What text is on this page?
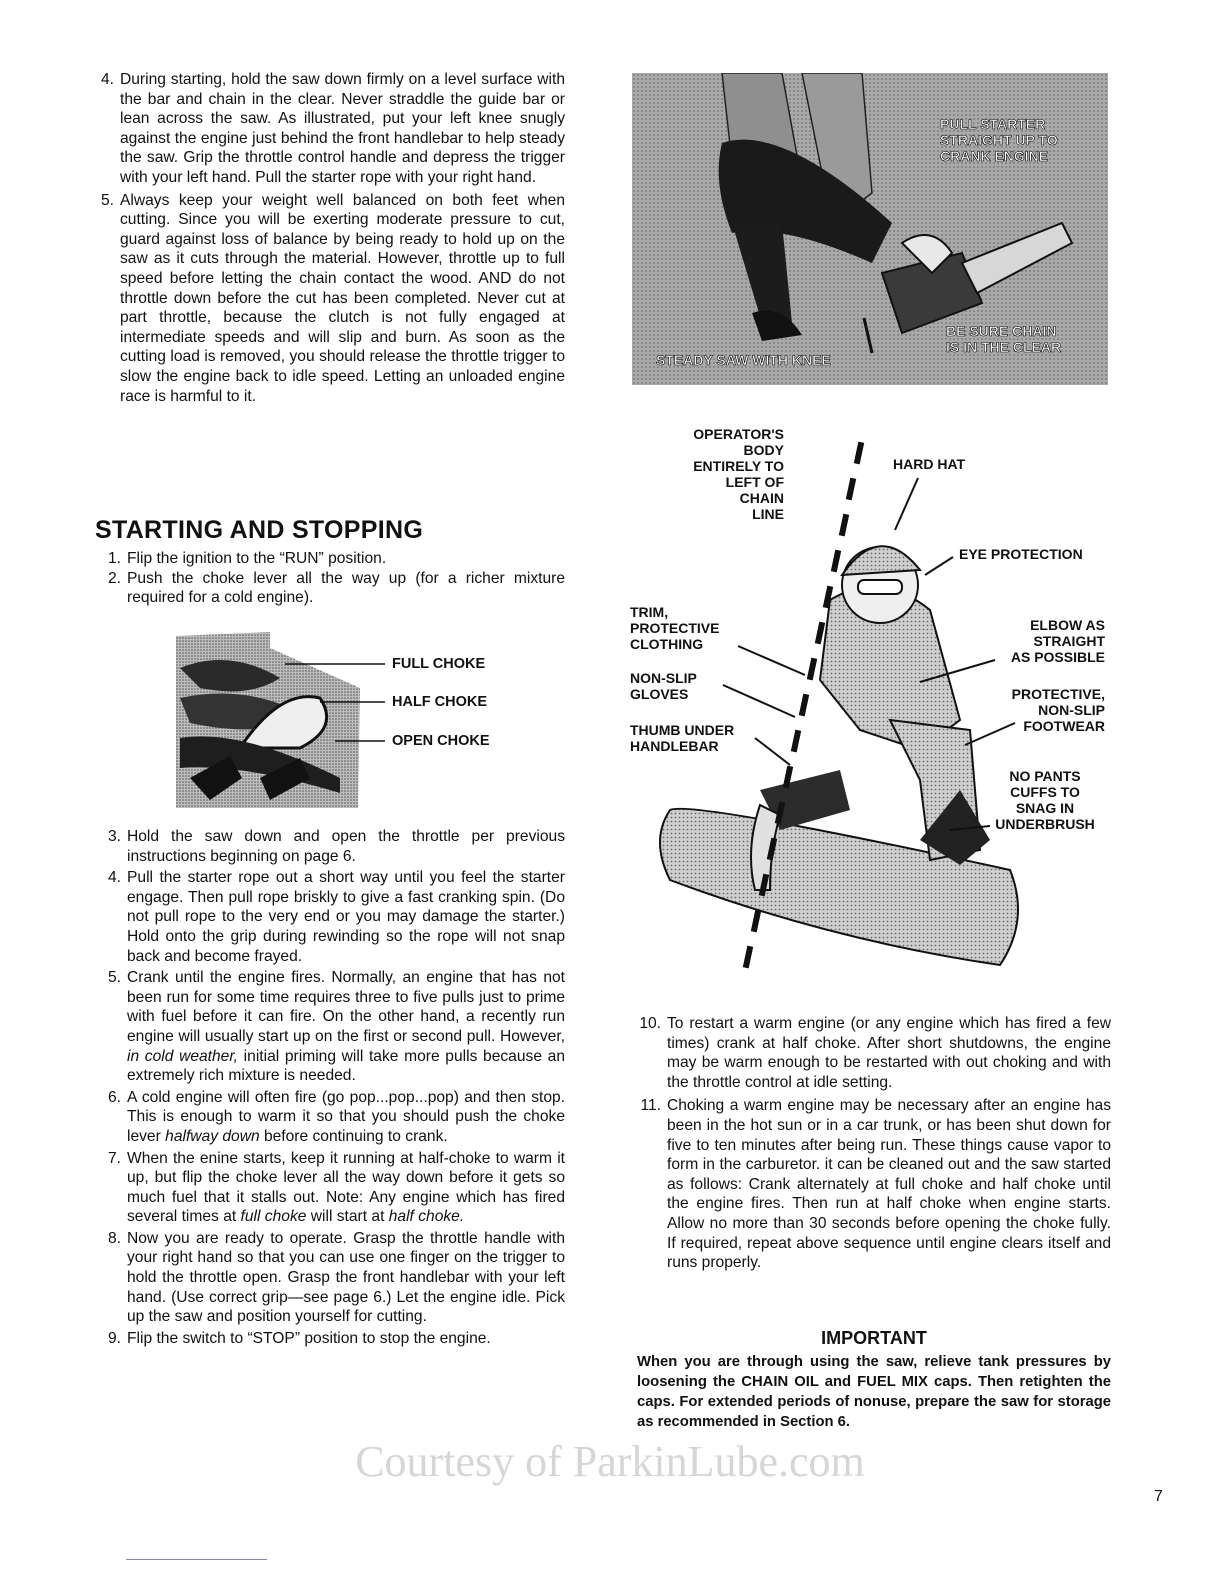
4. During starting, hold the saw down firmly on a level surface with the bar and chain in the clear. Never straddle the guide bar or lean across the saw. As illustrated, put your left knee snugly against the engine just behind the front handlebar to help steady the saw. Grip the throttle control handle and depress the trigger with your left hand. Pull the starter rope with your right hand.
5. Always keep your weight well balanced on both feet when cutting. Since you will be exerting moderate pressure to cut, guard against loss of balance by being ready to hold up on the saw as it cuts through the material. However, throttle up to full speed before letting the chain contact the wood. AND do not throttle down before the cut has been completed. Never cut at part throttle, because the clutch is not fully engaged at intermediate speeds and will slip and burn. As soon as the cutting load is removed, you should release the throttle trigger to slow the engine back to idle speed. Letting an unloaded engine race is harmful to it.
STARTING AND STOPPING
1. Flip the ignition to the “RUN” position.
2. Push the choke lever all the way up (for a richer mixture required for a cold engine).
FULL CHOKE
HALF CHOKE
OPEN CHOKE
3. Hold the saw down and open the throttle per previous instructions beginning on page 6.
4. Pull the starter rope out a short way until you feel the starter engage. Then pull rope briskly to give a fast cranking spin. (Do not pull rope to the very end or you may damage the starter.) Hold onto the grip during rewinding so the rope will not snap back and become frayed.
5. Crank until the engine fires. Normally, an engine that has not been run for some time requires three to five pulls just to prime with fuel before it can fire. On the other hand, a recently run engine will usually start up on the first or second pull. However, in cold weather, initial priming will take more pulls because an extremely rich mixture is needed.
6. A cold engine will often fire (go pop...pop...pop) and then stop. This is enough to warm it so that you should push the choke lever halfway down before continuing to crank.
7. When the enine starts, keep it running at half-choke to warm it up, but flip the choke lever all the way down before it gets so much fuel that it stalls out. Note: Any engine which has fired several times at full choke will start at half choke.
8. Now you are ready to operate. Grasp the throttle handle with your right hand so that you can use one finger on the trigger to hold the throttle open. Grasp the front handlebar with your left hand. (Use correct grip—see page 6.) Let the engine idle. Pick up the saw and position yourself for cutting.
9. Flip the switch to “STOP” position to stop the engine.
PULL STARTER STRAIGHT UP TO CRANK ENGINE
STEADY SAW WITH KNEE
BE SURE CHAIN IS IN THE CLEAR
OPERATOR'S
BODY
ENTIRELY TO
LEFT OF
CHAIN
LINE
HARD HAT
EYE PROTECTION
TRIM,
PROTECTIVE
CLOTHING
ELBOW AS
STRAIGHT
AS POSSIBLE
NON-SLIP
GLOVES	PROTECTIVE,
NON-SLIP
FOOTWEAR
THUMB UNDER
HANDLEBAR
NO PANTS
CUFFS TO
SNAG IN
UNDERBRUSH
10. To restart a warm engine (or any engine which has fired a few times) crank at half choke. After short shutdowns, the engine may be warm enough to be restarted with out choking and with the throttle control at idle setting.
11. Choking a warm engine may be necessary after an engine has been in the hot sun or in a car trunk, or has been shut down for five to ten minutes after being run. These things cause vapor to form in the carburetor. it can be cleaned out and the saw started as follows: Crank alternately at full choke and half choke until the engine fires. Then run at half choke when engine starts. Allow no more than 30 seconds before opening the choke fully. If required, repeat above sequence until engine clears itself and runs properly.
IMPORTANT

When you are through using the saw, relieve tank pressures by loosening the CHAIN OIL and FUEL MIX caps. Then retighten the caps. For extended periods of nonuse, prepare the saw for storage as recommended in Section 6.

Courtesy of ParkinLube.com
7
